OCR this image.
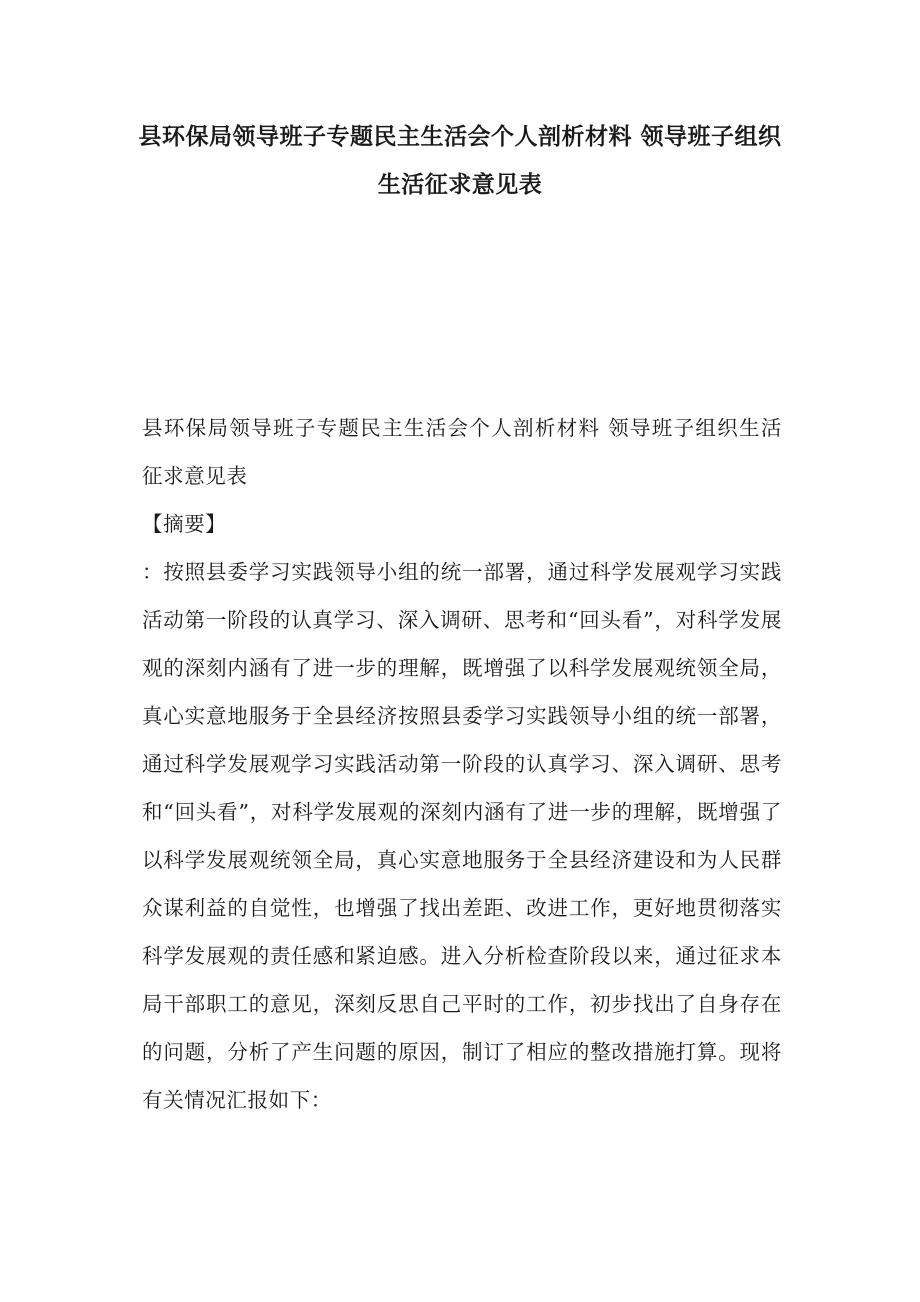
县环保局领导班子专题民主生活会个人剖析材料 领导班子组织生活征求意见表

县环保局领导班子专题民主生活会个人剖析材料 领导班子组织生活征求意见表

【摘要】

：按照县委学习实践领导小组的统一部署，通过科学发展观学习实践活动第一阶段的认真学习、深入调研、思考和“回头看”，对科学发展观的深刻内涵有了进一步的理解，既增强了以科学发展观统领全局，真心实意地服务于全县经济按照县委学习实践领导小组的统一部署，通过科学发展观学习实践活动第一阶段的认真学习、深入调研、思考和“回头看”，对科学发展观的深刻内涵有了进一步的理解，既增强了以科学发展观统领全局，真心实意地服务于全县经济建设和为人民群众谋利益的自觉性，也增强了找出差距、改进工作，更好地贯彻落实科学发展观的责任感和紧迫感。进入分析检查阶段以来，通过征求本局干部职工的意见，深刻反思自己平时的工作，初步找出了自身存在的问题，分析了产生问题的原因，制订了相应的整改措施打算。现将有关情况汇报如下：
